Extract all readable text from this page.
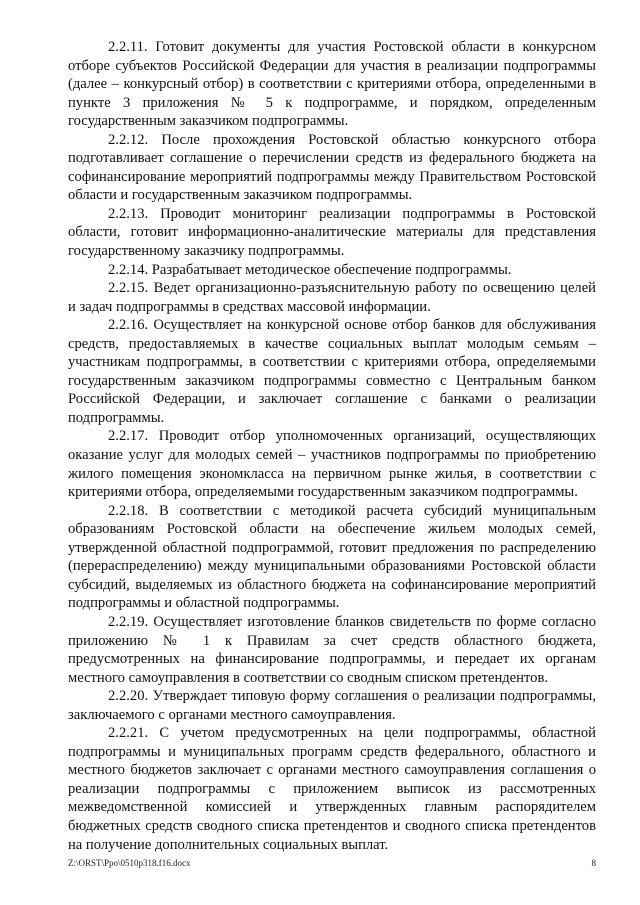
2.2.11. Готовит документы для участия Ростовской области в конкурсном отборе субъектов Российской Федерации для участия в реализации подпрограммы (далее – конкурсный отбор) в соответствии с критериями отбора, определенными в пункте 3 приложения № 5 к подпрограмме, и порядком, определенным государственным заказчиком подпрограммы.

2.2.12. После прохождения Ростовской областью конкурсного отбора подготавливает соглашение о перечислении средств из федерального бюджета на софинансирование мероприятий подпрограммы между Правительством Ростовской области и государственным заказчиком подпрограммы.

2.2.13. Проводит мониторинг реализации подпрограммы в Ростовской области, готовит информационно-аналитические материалы для представления государственному заказчику подпрограммы.

2.2.14. Разрабатывает методическое обеспечение подпрограммы.

2.2.15. Ведет организационно-разъяснительную работу по освещению целей и задач подпрограммы в средствах массовой информации.

2.2.16. Осуществляет на конкурсной основе отбор банков для обслуживания средств, предоставляемых в качестве социальных выплат молодым семьям – участникам подпрограммы, в соответствии с критериями отбора, определяемыми государственным заказчиком подпрограммы совместно с Центральным банком Российской Федерации, и заключает соглашение с банками о реализации подпрограммы.

2.2.17. Проводит отбор уполномоченных организаций, осуществляющих оказание услуг для молодых семей – участников подпрограммы по приобретению жилого помещения экономкласса на первичном рынке жилья, в соответствии с критериями отбора, определяемыми государственным заказчиком подпрограммы.

2.2.18. В соответствии с методикой расчета субсидий муниципальным образованиям Ростовской области на обеспечение жильем молодых семей, утвержденной областной подпрограммой, готовит предложения по распределению (перераспределению) между муниципальными образованиями Ростовской области субсидий, выделяемых из областного бюджета на софинансирование мероприятий подпрограммы и областной подпрограммы.

2.2.19. Осуществляет изготовление бланков свидетельств по форме согласно приложению № 1 к Правилам за счет средств областного бюджета, предусмотренных на финансирование подпрограммы, и передает их органам местного самоуправления в соответствии со сводным списком претендентов.

2.2.20. Утверждает типовую форму соглашения о реализации подпрограммы, заключаемого с органами местного самоуправления.

2.2.21. С учетом предусмотренных на цели подпрограммы, областной подпрограммы и муниципальных программ средств федерального, областного и местного бюджетов заключает с органами местного самоуправления соглашения о реализации подпрограммы с приложением выписок из рассмотренных межведомственной комиссией и утвержденных главным распорядителем бюджетных средств сводного списка претендентов и сводного списка претендентов на получение дополнительных социальных выплат.

Z:\ORST\Ppo\0510p318.f16.docx	8
